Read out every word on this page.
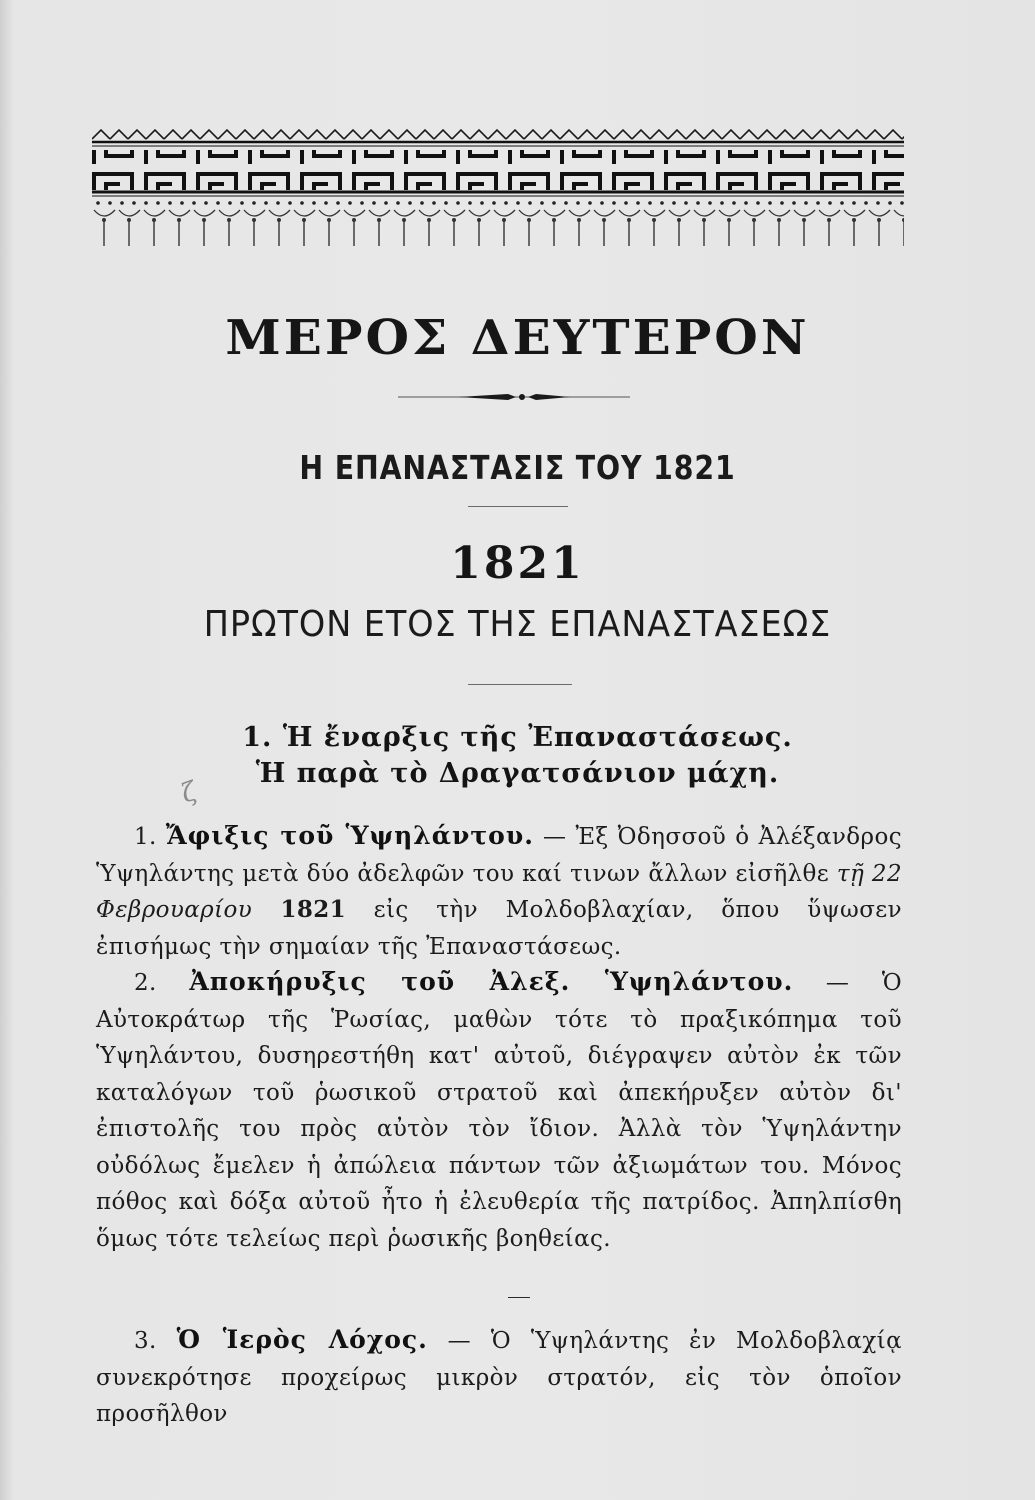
ΜΕΡΟΣ ΔΕΥΤΕΡΟΝ
Η ΕΠΑΝΑΣΤΑΣΙΣ ΤΟΥ 1821
1821
ΠΡΩΤΟΝ ΕΤΟΣ ΤΗΣ ΕΠΑΝΑΣΤΑΣΕΩΣ
1. Ἡ ἔναρξις τῆς Ἐπαναστάσεως.
Ἡ παρὰ τὸ Δραγατσάνιον μάχη.
ζ
1. Ἄφιξις τοῦ Ὑψηλάντου. — Ἐξ Ὀδησσοῦ ὁ Ἀλέξανδρος Ὑψηλάντης μετὰ δύο ἀδελφῶν του καί τινων ἄλλων εἰσῆλθε τῇ 22 Φεβρουαρίου 1821 εἰς τὴν Μολδοβλαχίαν, ὅπου ὕψωσεν ἐπισήμως τὴν σημαίαν τῆς Ἐπαναστάσεως.
2. Ἀποκήρυξις τοῦ Ἀλεξ. Ὑψηλάντου. — Ὁ Αὐτοκράτωρ τῆς Ῥωσίας, μαθὼν τότε τὸ πραξικόπημα τοῦ Ὑψηλάντου, δυσηρεστήθη κατ' αὐτοῦ, διέγραψεν αὐτὸν ἐκ τῶν καταλόγων τοῦ ῥωσικοῦ στρατοῦ καὶ ἀπεκήρυξεν αὐτὸν δι' ἐπιστολῆς του πρὸς αὐτὸν τὸν ἴδιον. Ἀλλὰ τὸν Ὑψηλάντην οὐδόλως ἔμελεν ἡ ἀπώλεια πάντων τῶν ἀξιωμάτων του. Μόνος πόθος καὶ δόξα αὐτοῦ ἦτο ἡ ἐλευθερία τῆς πατρίδος. Ἀπηλπίσθη ὅμως τότε τελείως περὶ ῥωσικῆς βοηθείας.
3. Ὁ Ἱερὸς Λόχος. — Ὁ Ὑψηλάντης ἐν Μολδοβλαχίᾳ συνεκρότησε προχείρως μικρὸν στρατόν, εἰς τὸν ὁποῖον προσῆλθον
